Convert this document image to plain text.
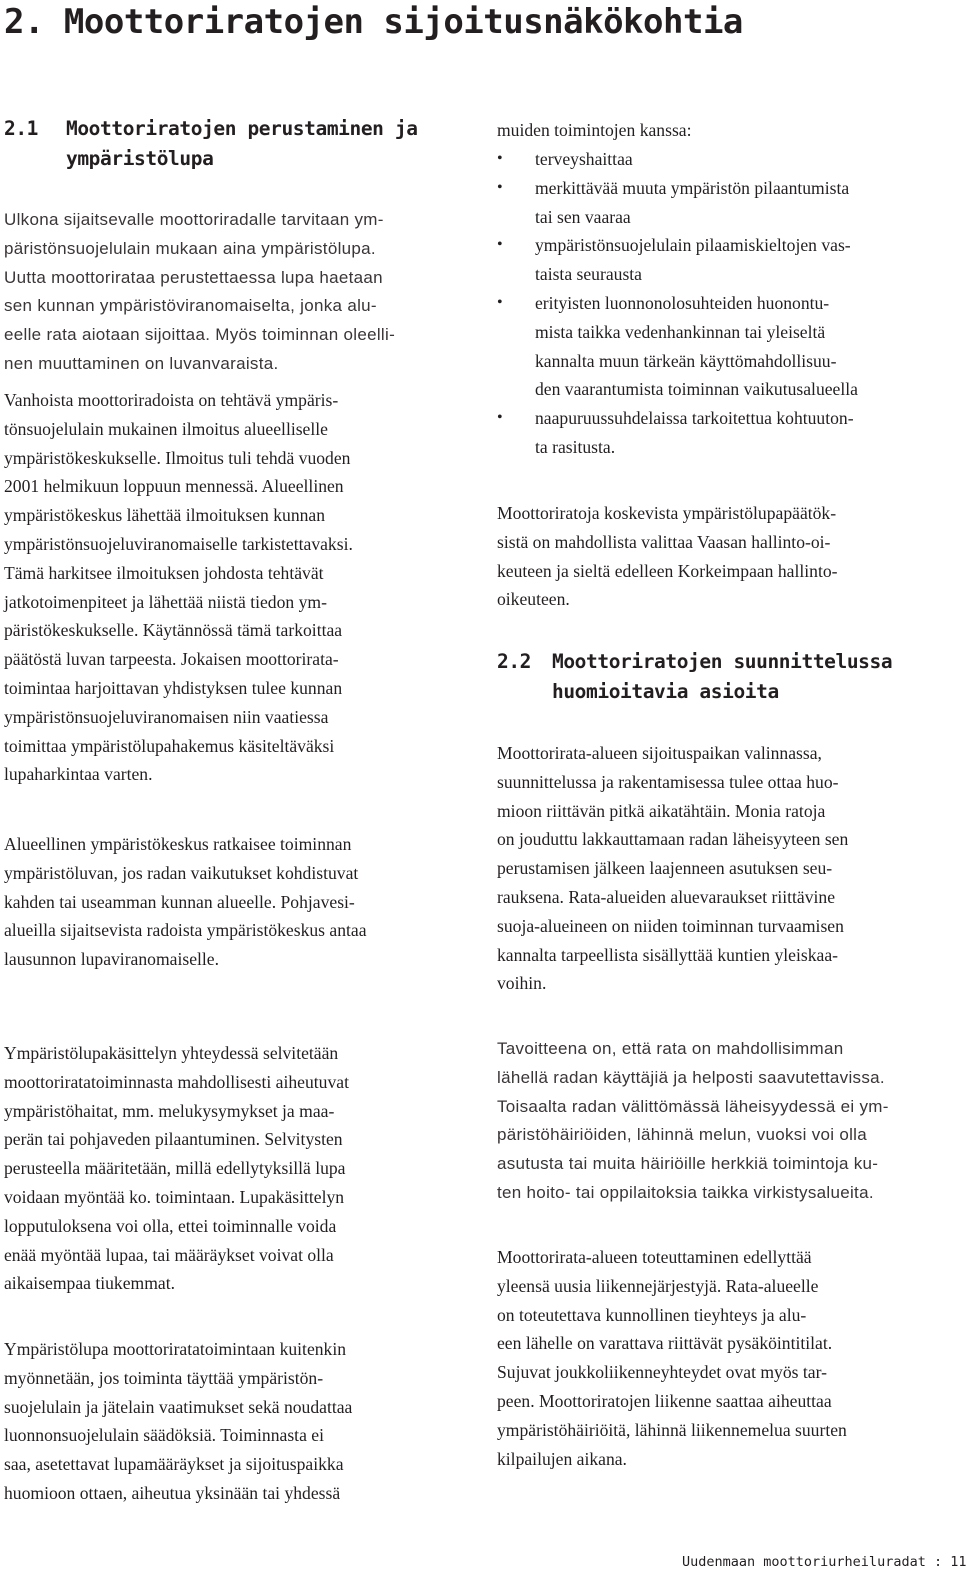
2. Moottoriratojen sijoitusnäkökohtia
2.1 Moottoriratojen perustaminen ja
ympäristölupa

Ulkona sijaitsevalle moottoriradalle tarvitaan ym-
päristönsuojelulain mukaan aina ympäristölupa.
Uutta moottorirataa perustettaessa lupa haetaan
sen kunnan ympäristöviranomaiselta, jonka alu-
eelle rata aiotaan sijoittaa. Myös toiminnan oleelli-
nen muuttaminen on luvanvaraista.

Vanhoista moottoriradoista on tehtävä ympäris-
tönsuojelulain mukainen ilmoitus alueelliselle
ympäristökeskukselle. Ilmoitus tuli tehdä vuoden
2001 helmikuun loppuun mennessä. Alueellinen
ympäristökeskus lähettää ilmoituksen kunnan
ympäristönsuojeluviranomaiselle tarkistettavaksi.
Tämä harkitsee ilmoituksen johdosta tehtävät
jatkotoimenpiteet ja lähettää niistä tiedon ym-
päristökeskukselle. Käytännössä tämä tarkoittaa
päätöstä luvan tarpeesta. Jokaisen moottorirata-
toimintaa harjoittavan yhdistyksen tulee kunnan
ympäristönsuojeluviranomaisen niin vaatiessa
toimittaa ympäristölupahakemus käsiteltäväksi
lupaharkintaa varten.

Alueellinen ympäristökeskus ratkaisee toiminnan
ympäristöluvan, jos radan vaikutukset kohdistuvat
kahden tai useamman kunnan alueelle. Pohjavesi-
alueilla sijaitsevista radoista ympäristökeskus antaa
lausunnon lupaviranomaiselle.

Ympäristölupakäsittelyn yhteydessä selvitetään
moottoriratatoiminnasta mahdollisesti aiheutuvat
ympäristöhaitat, mm. melukysymykset ja maa-
perän tai pohjaveden pilaantuminen. Selvitysten
perusteella määritetään, millä edellytyksillä lupa
voidaan myöntää ko. toimintaan. Lupakäsittelyn
lopputuloksena voi olla, ettei toiminnalle voida
enää myöntää lupaa, tai määräykset voivat olla
aikaisempaa tiukemmat.

Ympäristölupa moottoriratatoimintaan kuitenkin
myönnetään, jos toiminta täyttää ympäristön-
suojelulain ja jätelain vaatimukset sekä noudattaa
luonnonsuojelulain säädöksiä. Toiminnasta ei
saa, asetettavat lupamääräykset ja sijoituspaikka
huomioon ottaen, aiheutua yksinään tai yhdessä

muiden toimintojen kanssa:

• terveyshaittaa
• merkittävää muuta ympäristön pilaantumista
tai sen vaaraa
• ympäristönsuojelulain pilaamiskieltojen vas-
taista seurausta
• erityisten luonnonolosuhteiden huonontu-
mista taikka vedenhankinnan tai yleiseltä
kannalta muun tärkeän käyttömahdollisuu-
den vaarantumista toiminnan vaikutusalueella
• naapuruussuhdelaissa tarkoitettua kohtuuton-
ta rasitusta.

Moottoriratoja koskevista ympäristölupapäätök-
sistä on mahdollista valittaa Vaasan hallinto-oi-
keuteen ja sieltä edelleen Korkeimpaan hallinto-
oikeuteen.

2.2 Moottoriratojen suunnittelussa
huomioitavia asioita

Moottorirata-alueen sijoituspaikan valinnassa,
suunnittelussa ja rakentamisessa tulee ottaa huo-
mioon riittävän pitkä aikatähtäin. Monia ratoja
on jouduttu lakkauttamaan radan läheisyyteen sen
perustamisen jälkeen laajenneen asutuksen seu-
rauksena. Rata-alueiden aluevaraukset riittävine
suoja-alueineen on niiden toiminnan turvaamisen
kannalta tarpeellista sisällyttää kuntien yleiskaa-
voihin.

Tavoitteena on, että rata on mahdollisimman
lähellä radan käyttäjiä ja helposti saavutettavissa.
Toisaalta radan välittömässä läheisyydessä ei ym-
päristöhäiriöiden, lähinnä melun, vuoksi voi olla
asutusta tai muita häiriöille herkkiä toimintoja ku-
ten hoito- tai oppilaitoksia taikka virkistysalueita.

Moottorirata-alueen toteuttaminen edellyttää
yleensä uusia liikennejärjestyjä. Rata-alueelle
on toteutettava kunnollinen tieyhteys ja alu-
een lähelle on varattava riittävät pysäköintitilat.
Sujuvat joukkoliikenneyhteydet ovat myös tar-
peen. Moottoriratojen liikenne saattaa aiheuttaa
ympäristöhäiriöitä, lähinnä liikennemelua suurten
kilpailujen aikana.

Uudenmaan moottoriurheiluradat : 11
